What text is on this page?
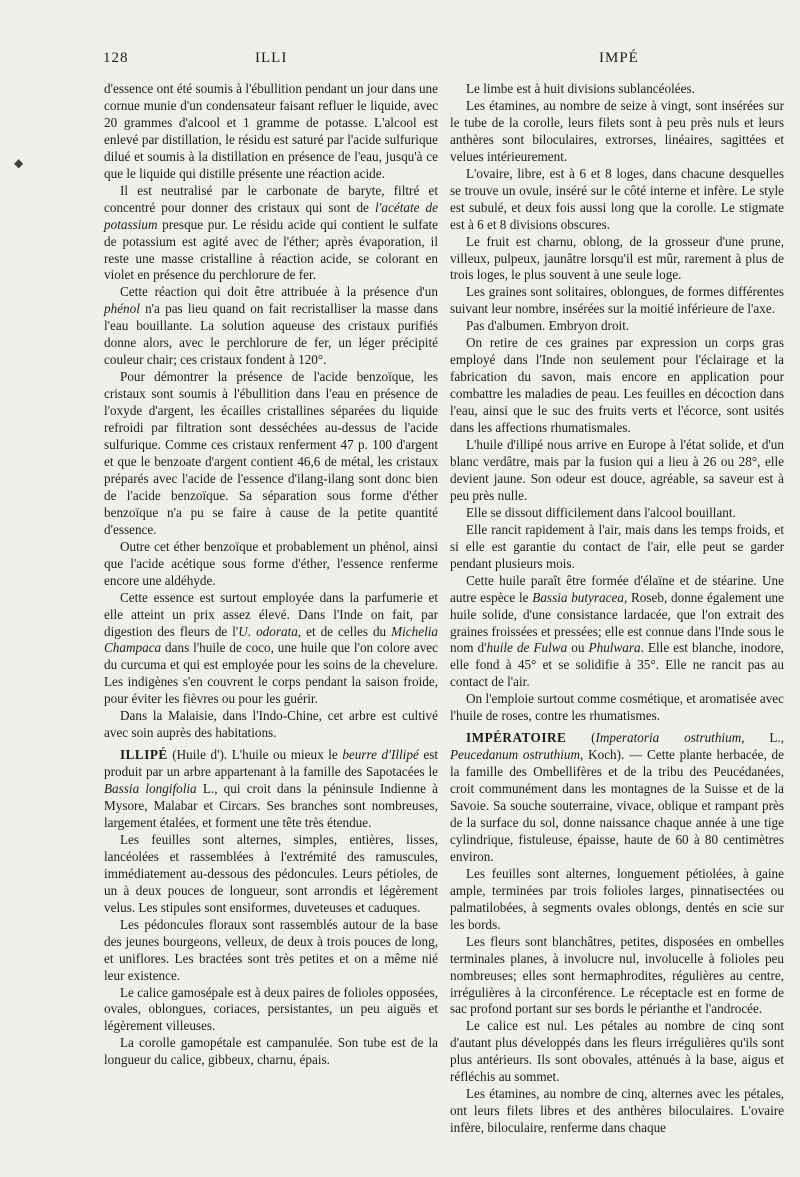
128	ILLI	IMPÉ
◆

d'essence ont été soumis à l'ébullition pendant un jour dans une cornue munie d'un condensateur faisant refluer le liquide, avec 20 grammes d'alcool et 1 gramme de potasse. L'alcool est enlevé par distillation, le résidu est saturé par l'acide sulfurique dilué et soumis à la distillation en présence de l'eau, jusqu'à ce que le liquide qui distille présente une réaction acide.

Il est neutralisé par le carbonate de baryte, filtré et concentré pour donner des cristaux qui sont de l'acétate de potassium presque pur. Le résidu acide qui contient le sulfate de potassium est agité avec de l'éther; après évaporation, il reste une masse cristalline à réaction acide, se colorant en violet en présence du perchlorure de fer.

Cette réaction qui doit être attribuée à la présence d'un phénol n'a pas lieu quand on fait recristalliser la masse dans l'eau bouillante. La solution aqueuse des cristaux purifiés donne alors, avec le perchlorure de fer, un léger précipité couleur chair; ces cristaux fondent à 120°.

Pour démontrer la présence de l'acide benzoïque, les cristaux sont soumis à l'ébullition dans l'eau en présence de l'oxyde d'argent, les écailles cristallines séparées du liquide refroidi par filtration sont desséchées au-dessus de l'acide sulfurique. Comme ces cristaux renferment 47 p. 100 d'argent et que le benzoate d'argent contient 46,6 de métal, les cristaux préparés avec l'acide de l'essence d'ilang-ilang sont donc bien de l'acide benzoïque. Sa séparation sous forme d'éther benzoïque n'a pu se faire à cause de la petite quantité d'essence.

Outre cet éther benzoïque et probablement un phénol, ainsi que l'acide acétique sous forme d'éther, l'essence renferme encore une aldéhyde.

Cette essence est surtout employée dans la parfumerie et elle atteint un prix assez élevé. Dans l'Inde on fait, par digestion des fleurs de l'U. odorata, et de celles du Michelia Champaca dans l'huile de coco, une huile que l'on colore avec du curcuma et qui est employée pour les soins de la chevelure. Les indigènes s'en couvrent le corps pendant la saison froide, pour éviter les fièvres ou pour les guérir.

Dans la Malaisie, dans l'Indo-Chine, cet arbre est cultivé avec soin auprès des habitations.

ILLIPÉ (Huile d'). L'huile ou mieux le beurre d'Illipé est produit par un arbre appartenant à la famille des Sapotacées le Bassia longifolia L., qui croit dans la péninsule Indienne à Mysore, Malabar et Circars. Ses branches sont nombreuses, largement étalées, et forment une tête très étendue.

Les feuilles sont alternes, simples, entières, lisses, lancéolées et rassemblées à l'extrémité des ramuscules, immédiatement au-dessous des pédoncules. Leurs pétioles, de un à deux pouces de longueur, sont arrondis et légèrement velus. Les stipules sont ensiformes, duveteuses et caduques.

Les pédoncules floraux sont rassemblés autour de la base des jeunes bourgeons, velleux, de deux à trois pouces de long, et uniflores. Les bractées sont très petites et on a même nié leur existence.

Le calice gamosépale est à deux paires de folioles opposées, ovales, oblongues, coriaces, persistantes, un peu aiguës et légèrement villeuses.

La corolle gamopétale est campanulée. Son tube est de la longueur du calice, gibbeux, charnu, épais.

Le limbe est à huit divisions sublancéolées.

Les étamines, au nombre de seize à vingt, sont insérées sur le tube de la corolle, leurs filets sont à peu près nuls et leurs anthères sont biloculaires, extrorses, linéaires, sagittées et velues intérieurement.

L'ovaire, libre, est à 6 et 8 loges, dans chacune desquelles se trouve un ovule, inséré sur le côté interne et infère. Le style est subulé, et deux fois aussi long que la corolle. Le stigmate est à 6 et 8 divisions obscures.

Le fruit est charnu, oblong, de la grosseur d'une prune, villeux, pulpeux, jaunâtre lorsqu'il est mûr, rarement à plus de trois loges, le plus souvent à une seule loge.

Les graines sont solitaires, oblongues, de formes différentes suivant leur nombre, insérées sur la moitié inférieure de l'axe.

Pas d'albumen. Embryon droit.

On retire de ces graines par expression un corps gras employé dans l'Inde non seulement pour l'éclairage et la fabrication du savon, mais encore en application pour combattre les maladies de peau. Les feuilles en décoction dans l'eau, ainsi que le suc des fruits verts et l'écorce, sont usités dans les affections rhumatismales.

L'huile d'illipé nous arrive en Europe à l'état solide, et d'un blanc verdâtre, mais par la fusion qui a lieu à 26 ou 28°, elle devient jaune. Son odeur est douce, agréable, sa saveur est à peu près nulle.

Elle se dissout difficilement dans l'alcool bouillant.

Elle rancit rapidement à l'air, mais dans les temps froids, et si elle est garantie du contact de l'air, elle peut se garder pendant plusieurs mois.

Cette huile paraît être formée d'élaïne et de stéarine. Une autre espèce le Bassia butyracea, Roseb, donne également une huile solide, d'une consistance lardacée, que l'on extrait des graines froissées et pressées; elle est connue dans l'Inde sous le nom d'huile de Fulwa ou Phulwara. Elle est blanche, inodore, elle fond à 45° et se solidifie à 35°. Elle ne rancit pas au contact de l'air.

On l'emploie surtout comme cosmétique, et aromatisée avec l'huile de roses, contre les rhumatismes.

IMPÉRATOIRE (Imperatoria ostruthium, L., Peucedanum ostruthium, Koch). — Cette plante herbacée, de la famille des Ombellifères et de la tribu des Peucédanées, croit communément dans les montagnes de la Suisse et de la Savoie. Sa souche souterraine, vivace, oblique et rampant près de la surface du sol, donne naissance chaque année à une tige cylindrique, fistuleuse, épaisse, haute de 60 à 80 centimètres environ.

Les feuilles sont alternes, longuement pétiolées, à gaine ample, terminées par trois folioles larges, pinnatisectées ou palmatilobées, à segments ovales oblongs, dentés en scie sur les bords.

Les fleurs sont blanchâtres, petites, disposées en ombelles terminales planes, à involucre nul, involucelle à folioles peu nombreuses; elles sont hermaphrodites, régulières au centre, irrégulières à la circonférence. Le réceptacle est en forme de sac profond portant sur ses bords le périanthe et l'androcée.

Le calice est nul. Les pétales au nombre de cinq sont d'autant plus développés dans les fleurs irrégulières qu'ils sont plus antérieurs. Ils sont obovales, atténués à la base, aigus et réfléchis au sommet.

Les étamines, au nombre de cinq, alternes avec les pétales, ont leurs filets libres et des anthères biloculaires. L'ovaire infère, biloculaire, renferme dans chaque
